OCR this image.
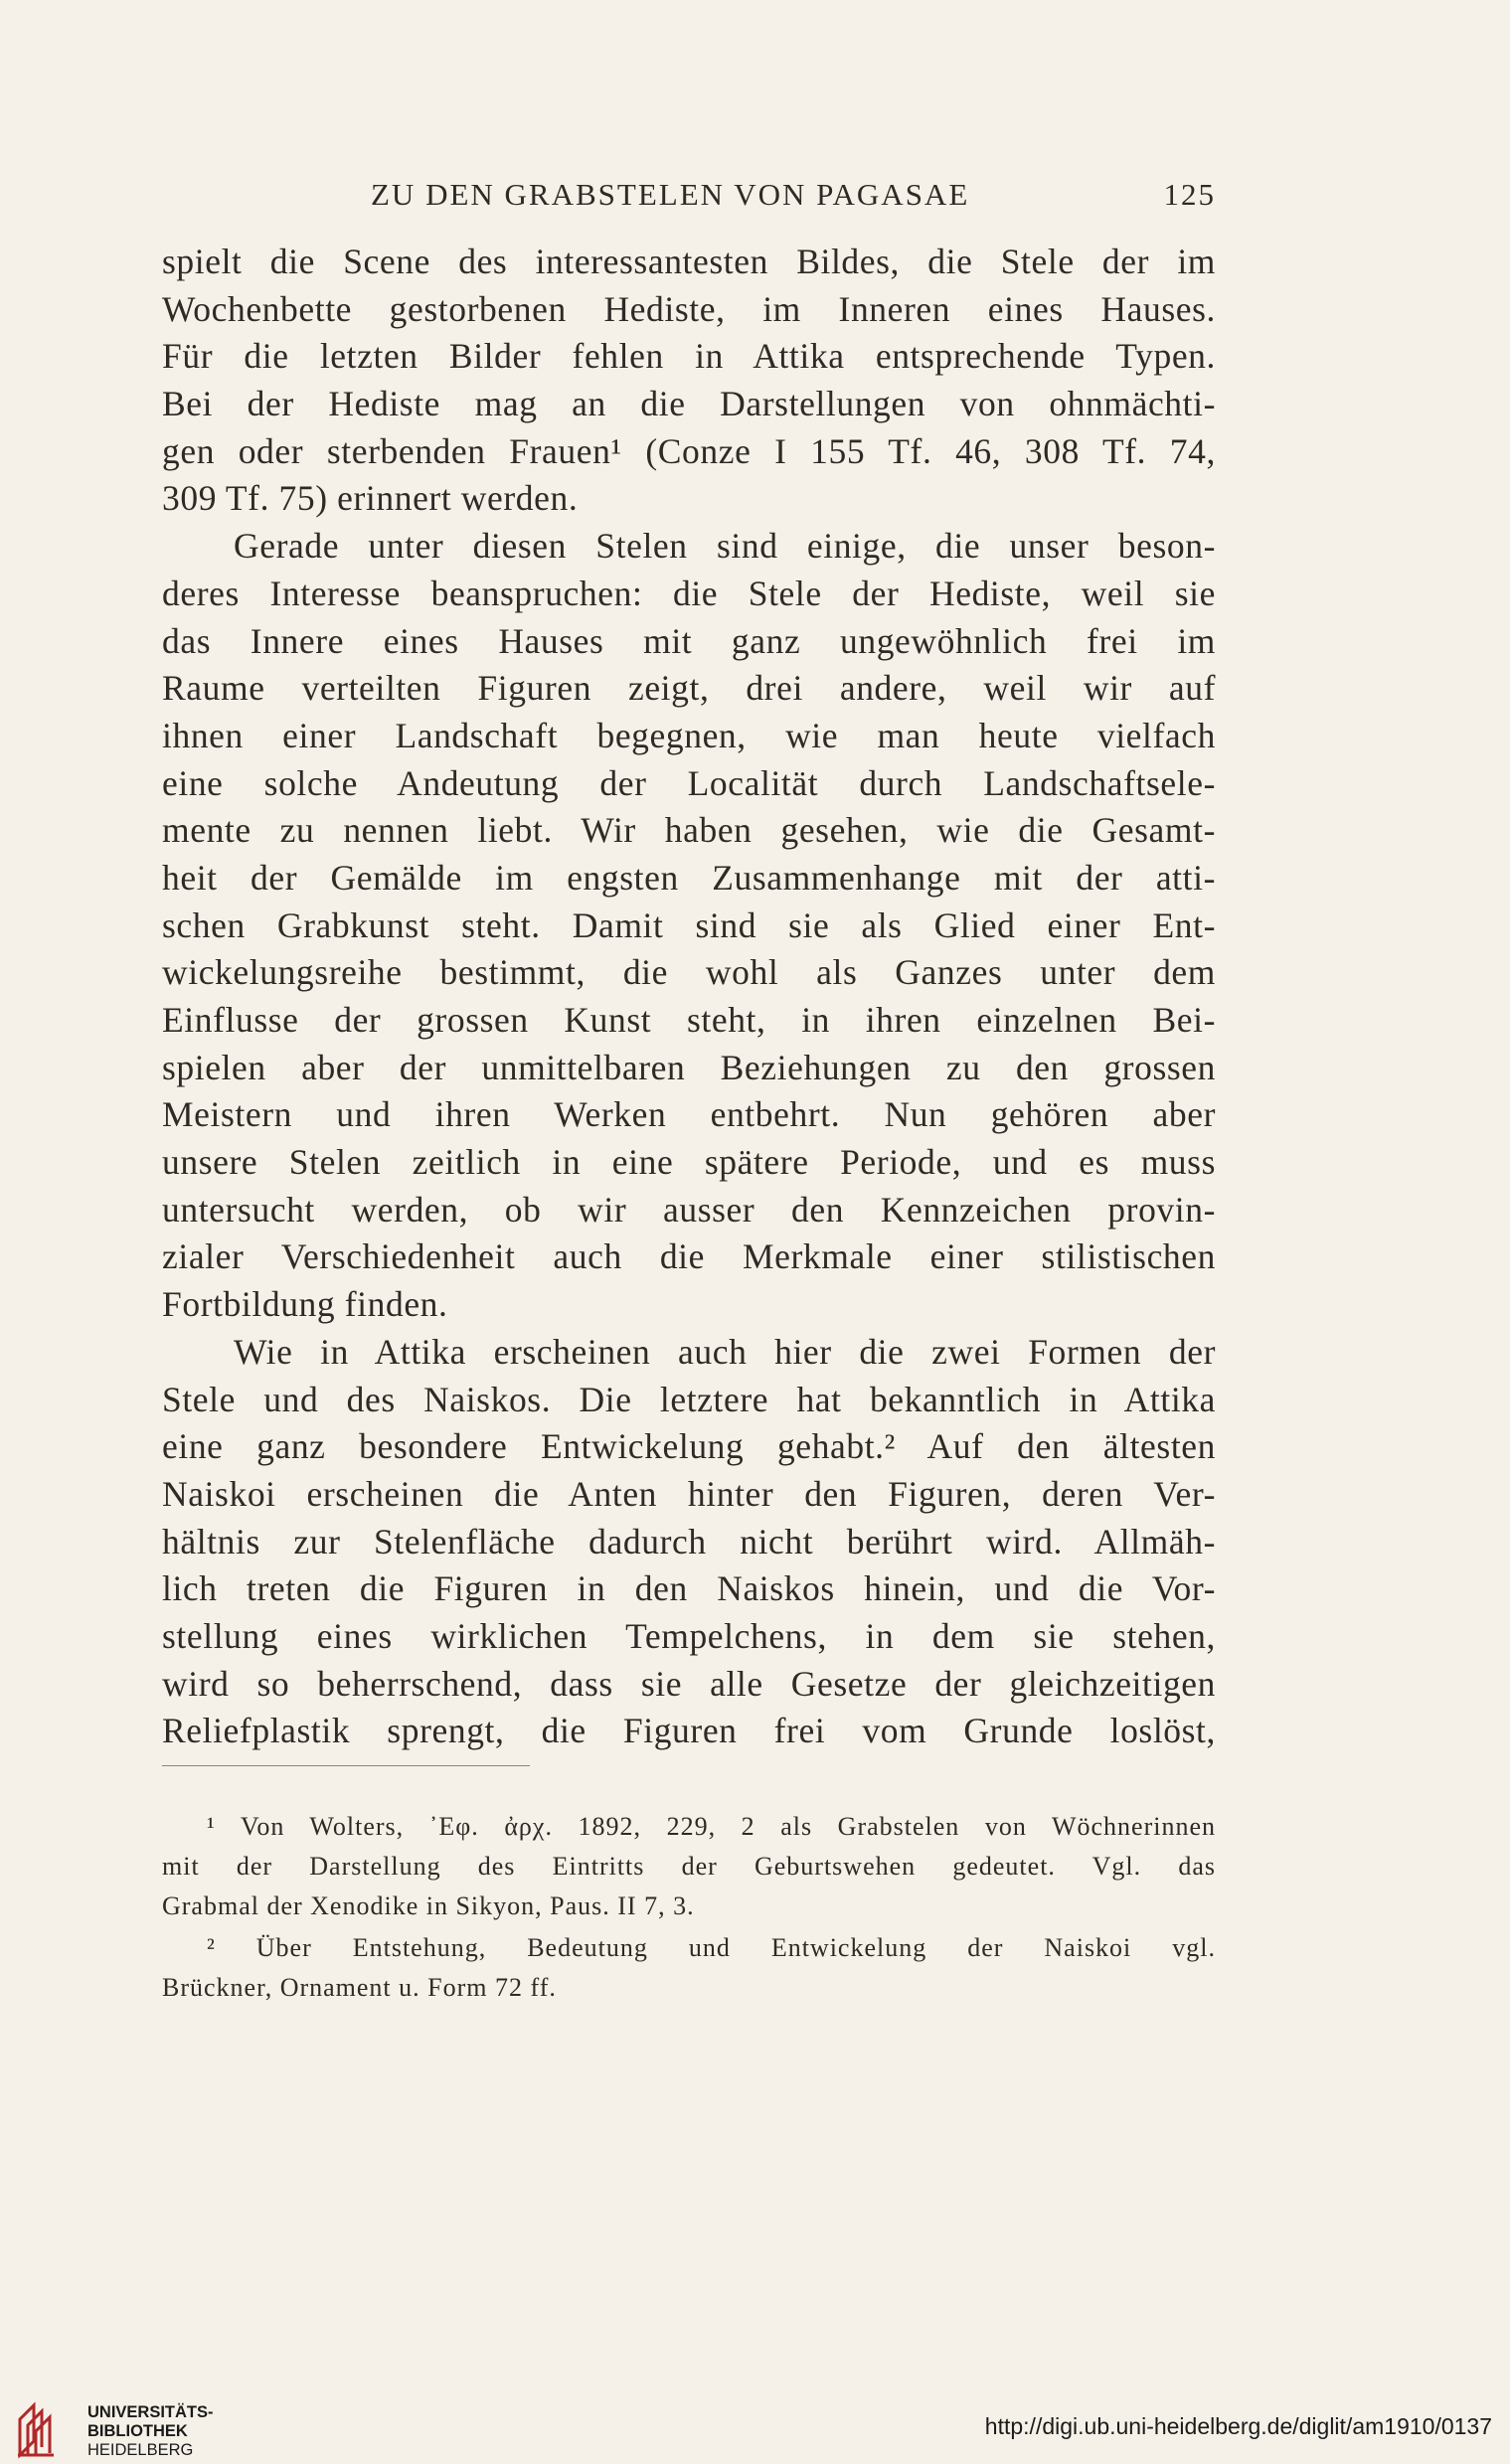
ZU DEN GRABSTELEN VON PAGASAE	125
spielt die Scene des interessantesten Bildes, die Stele der im
Wochenbette gestorbenen Hediste, im Inneren eines Hauses.
Für die letzten Bilder fehlen in Attika entsprechende Typen.
Bei der Hediste mag an die Darstellungen von ohnmächti-
gen oder sterbenden Frauen¹ (Conze I 155 Tf. 46, 308 Tf. 74,
309 Tf. 75) erinnert werden.
Gerade unter diesen Stelen sind einige, die unser beson-
deres Interesse beanspruchen: die Stele der Hediste, weil sie
das Innere eines Hauses mit ganz ungewöhnlich frei im
Raume verteilten Figuren zeigt, drei andere, weil wir auf
ihnen einer Landschaft begegnen, wie man heute vielfach
eine solche Andeutung der Localität durch Landschaftsele-
mente zu nennen liebt. Wir haben gesehen, wie die Gesamt-
heit der Gemälde im engsten Zusammenhange mit der atti-
schen Grabkunst steht. Damit sind sie als Glied einer Ent-
wickelungsreihe bestimmt, die wohl als Ganzes unter dem
Einflusse der grossen Kunst steht, in ihren einzelnen Bei-
spielen aber der unmittelbaren Beziehungen zu den grossen
Meistern und ihren Werken entbehrt. Nun gehören aber
unsere Stelen zeitlich in eine spätere Periode, und es muss
untersucht werden, ob wir ausser den Kennzeichen provin-
zialer Verschiedenheit auch die Merkmale einer stilistischen
Fortbildung finden.
Wie in Attika erscheinen auch hier die zwei Formen der
Stele und des Naiskos. Die letztere hat bekanntlich in Attika
eine ganz besondere Entwickelung gehabt.² Auf den ältesten
Naiskoi erscheinen die Anten hinter den Figuren, deren Ver-
hältnis zur Stelenfläche dadurch nicht berührt wird. Allmäh-
lich treten die Figuren in den Naiskos hinein, und die Vor-
stellung eines wirklichen Tempelchens, in dem sie stehen,
wird so beherrschend, dass sie alle Gesetze der gleichzeitigen
Reliefplastik sprengt, die Figuren frei vom Grunde loslöst,
¹ Von Wolters, ᾿Εφ. ἀρχ. 1892, 229, 2 als Grabstelen von Wöchnerinnen
mit der Darstellung des Eintritts der Geburtswehen gedeutet. Vgl. das
Grabmal der Xenodike in Sikyon, Paus. II 7, 3.
² Über Entstehung, Bedeutung und Entwickelung der Naiskoi vgl.
Brückner, Ornament u. Form 72 ff.
UNIVERSITÄTS-
BIBLIOTHEK

HEIDELBERG
http://digi.ub.uni-heidelberg.de/diglit/am1910/0137
